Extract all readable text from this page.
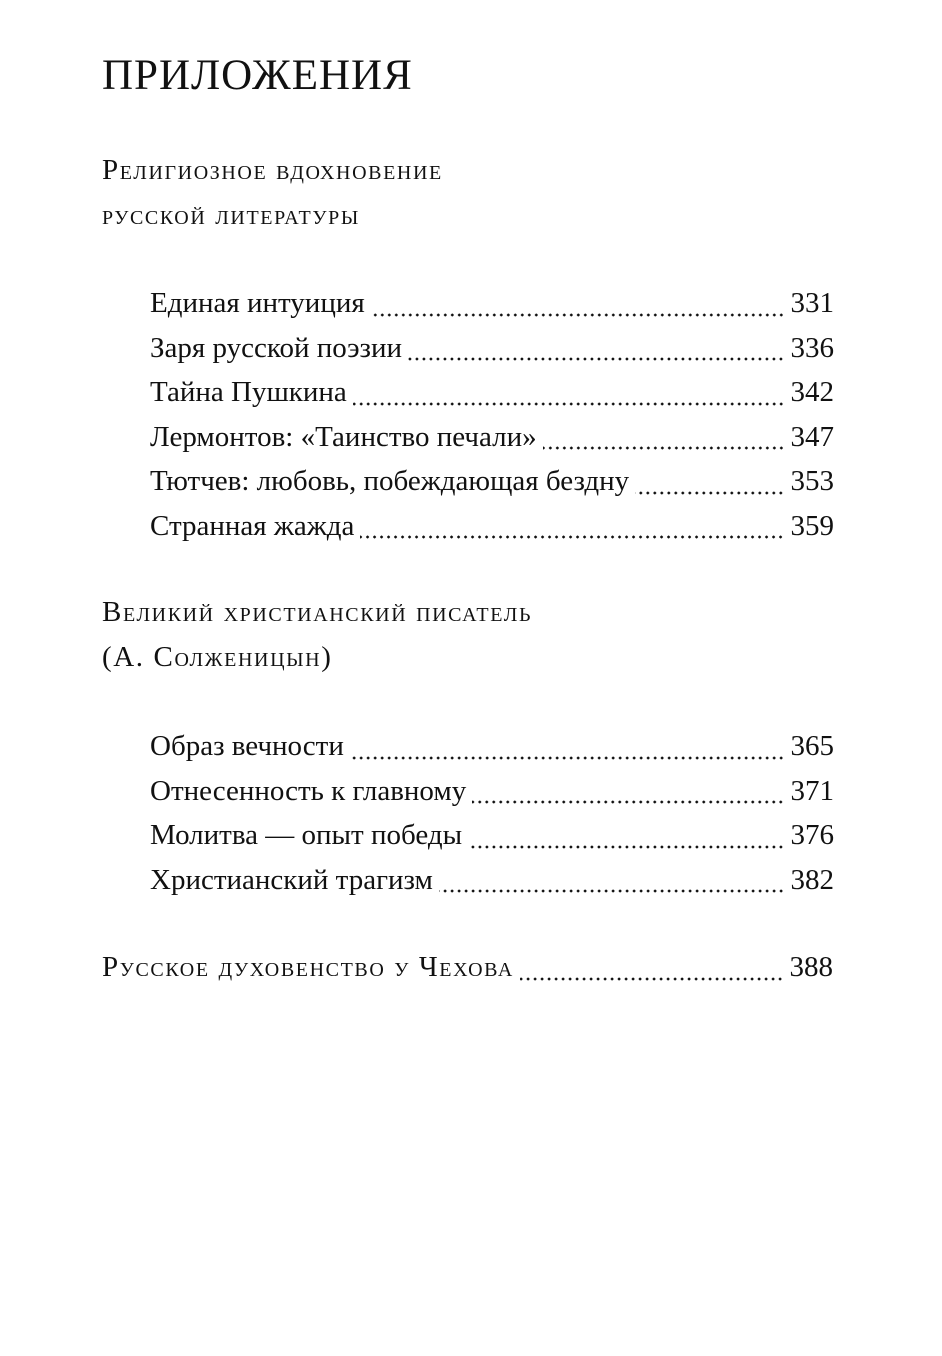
ПРИЛОЖЕНИЯ
Религиозное вдохновение
русской литературы
Единая интуиция	331
Заря русской поэзии	336
Тайна Пушкина	342
Лермонтов: «Таинство печали»	347
Тютчев: любовь, побеждающая бездну	353
Странная жажда	359
Великий христианский писатель
(А. Солженицын)
Образ вечности	365
Отнесенность к главному	371
Молитва — опыт победы	376
Христианский трагизм	382
Русское духовенство у Чехова	388
